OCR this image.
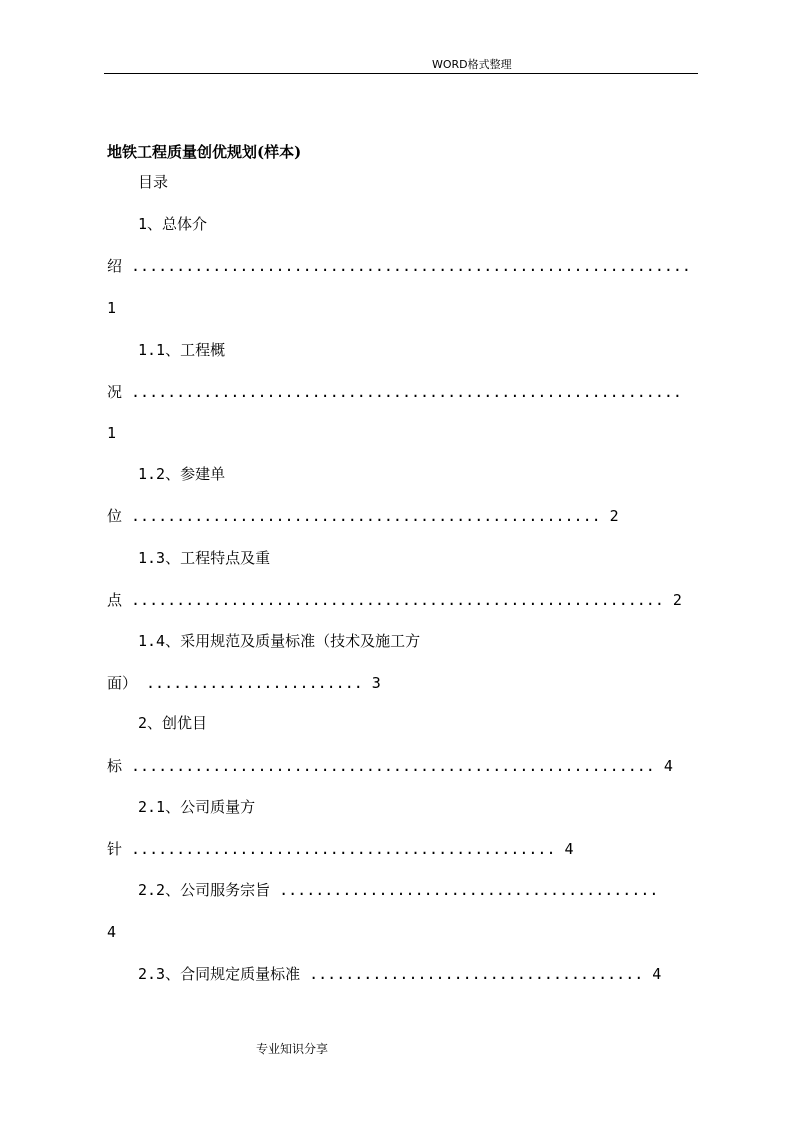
WORD格式整理
地铁工程质量创优规划(样本)
目录
1、总体介
绍 ..............................................................
1
1.1、工程概
况 .............................................................
1
1.2、参建单
位 .................................................... 2
1.3、工程特点及重
点 ........................................................... 2
1.4、采用规范及质量标准（技术及施工方
面） ........................ 3
2、创优目
标 .......................................................... 4
2.1、公司质量方
针 ............................................... 4
2.2、公司服务宗旨 ..........................................
4
2.3、合同规定质量标准 ..................................... 4
专业知识分享
